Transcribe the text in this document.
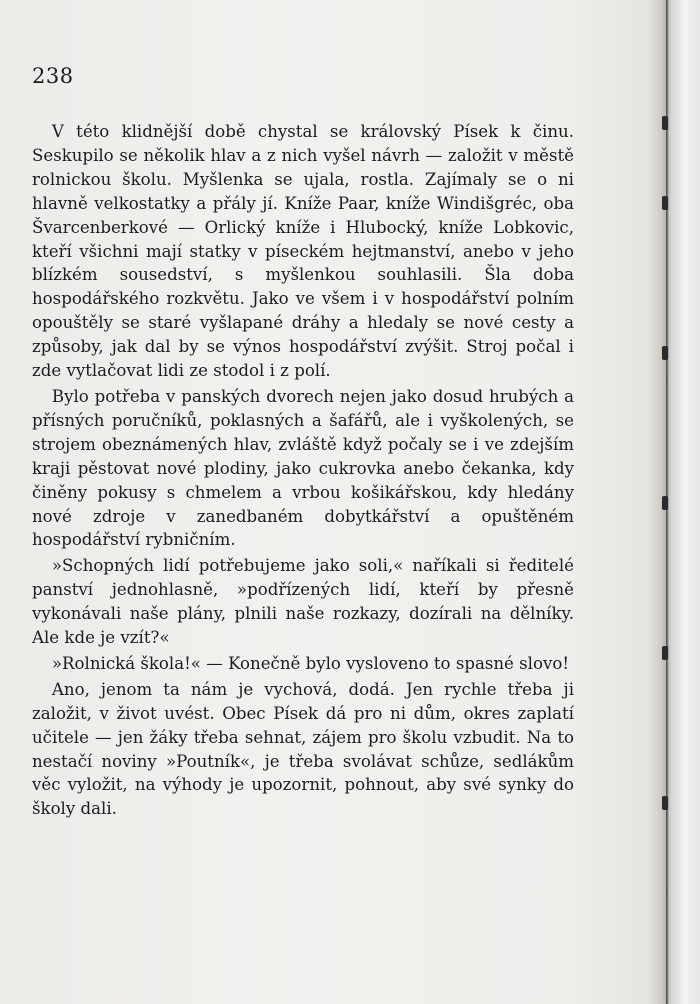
238

V této klidnější době chystal se královský Písek k činu. Seskupilo se několik hlav a z nich vyšel návrh — založit v městě rolnickou školu. Myšlenka se ujala, rostla. Zajímaly se o ni hlavně velkostatky a přály jí. Kníže Paar, kníže Windišgréc, oba Švarcenberkové — Orlický kníže i Hlubocký, kníže Lobkovic, kteří všichni mají statky v píseckém hejtmanství, anebo v jeho blízkém sousedství, s myšlenkou souhlasili. Šla doba hospodářského rozkvětu. Jako ve všem i v hospodářství polním opouštěly se staré vyšlapané dráhy a hledaly se nové cesty a způsoby, jak dal by se výnos hospodářství zvýšit. Stroj počal i zde vytlačovat lidi ze stodol i z polí.

Bylo potřeba v panských dvorech nejen jako dosud hrubých a přísných poručníků, poklasných a šafářů, ale i vyškolených, se strojem obeznámených hlav, zvláště když počaly se i ve zdejším kraji pěstovat nové plodiny, jako cukrovka anebo čekanka, kdy činěny pokusy s chmelem a vrbou košikářskou, kdy hledány nové zdroje v zanedbaném dobytkářství a opuštěném hospodářství rybničním.

»Schopných lidí potřebujeme jako soli,« naříkali si ředitelé panství jednohlasně, »podřízených lidí, kteří by přesně vykonávali naše plány, plnili naše rozkazy, dozírali na dělníky. Ale kde je vzít?«

»Rolnická škola!« — Konečně bylo vysloveno to spasné slovo!

Ano, jenom ta nám je vychová, dodá. Jen rychle třeba ji založit, v život uvést. Obec Písek dá pro ni dům, okres zaplatí učitele — jen žáky třeba sehnat, zájem pro školu vzbudit. Na to nestačí noviny »Poutník«, je třeba svolávat schůze, sedlákům věc vyložit, na výhody je upozornit, pohnout, aby své synky do školy dali.
